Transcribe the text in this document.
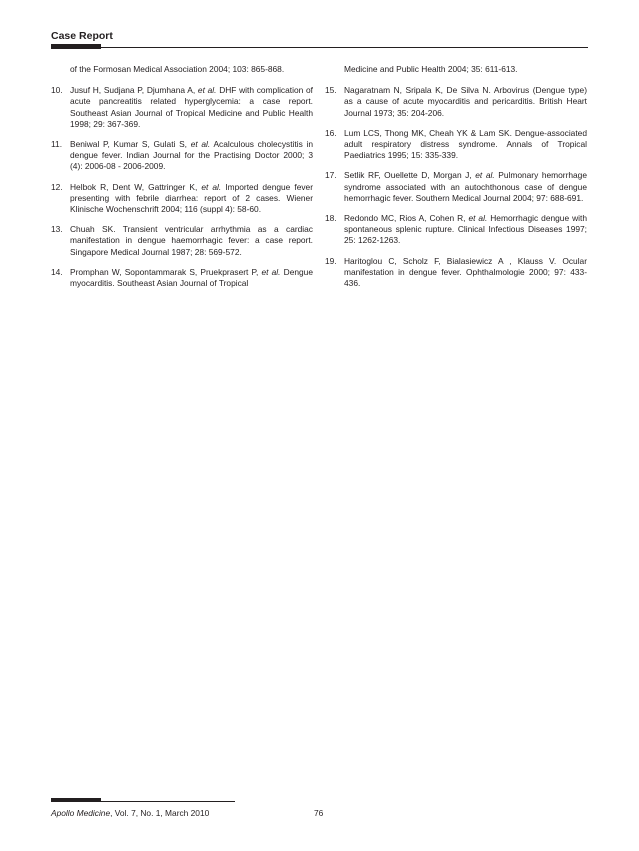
Case Report
of the Formosan Medical Association 2004; 103: 865-868.
10. Jusuf H, Sudjana P, Djumhana A, et al. DHF with complication of acute pancreatitis related hyperglycemia: a case report. Southeast Asian Journal of Tropical Medicine and Public Health 1998; 29: 367-369.
11. Beniwal P, Kumar S, Gulati S, et al. Acalculous cholecystitis in dengue fever. Indian Journal for the Practising Doctor 2000; 3 (4): 2006-08 - 2006-2009.
12. Helbok R, Dent W, Gattringer K, et al. Imported dengue fever presenting with febrile diarrhea: report of 2 cases. Wiener Klinische Wochenschrift 2004; 116 (suppl 4): 58-60.
13. Chuah SK. Transient ventricular arrhythmia as a cardiac manifestation in dengue haemorrhagic fever: a case report. Singapore Medical Journal 1987; 28: 569-572.
14. Promphan W, Sopontammarak S, Pruekprasert P, et al. Dengue myocarditis. Southeast Asian Journal of Tropical
Medicine and Public Health 2004; 35: 611-613.
15. Nagaratnam N, Sripala K, De Silva N. Arbovirus (Dengue type) as a cause of acute myocarditis and pericarditis. British Heart Journal 1973; 35: 204-206.
16. Lum LCS, Thong MK, Cheah YK & Lam SK. Dengue-associated adult respiratory distress syndrome. Annals of Tropical Paediatrics 1995; 15: 335-339.
17. Setlik RF, Ouellette D, Morgan J, et al. Pulmonary hemorrhage syndrome associated with an autochthonous case of dengue hemorrhagic fever. Southern Medical Journal 2004; 97: 688-691.
18. Redondo MC, Rios A, Cohen R, et al. Hemorrhagic dengue with spontaneous splenic rupture. Clinical Infectious Diseases 1997; 25: 1262-1263.
19. Haritoglou C, Scholz F, Bialasiewicz A , Klauss V. Ocular manifestation in dengue fever. Ophthalmologie 2000; 97: 433-436.
Apollo Medicine, Vol. 7, No. 1, March 2010	76
